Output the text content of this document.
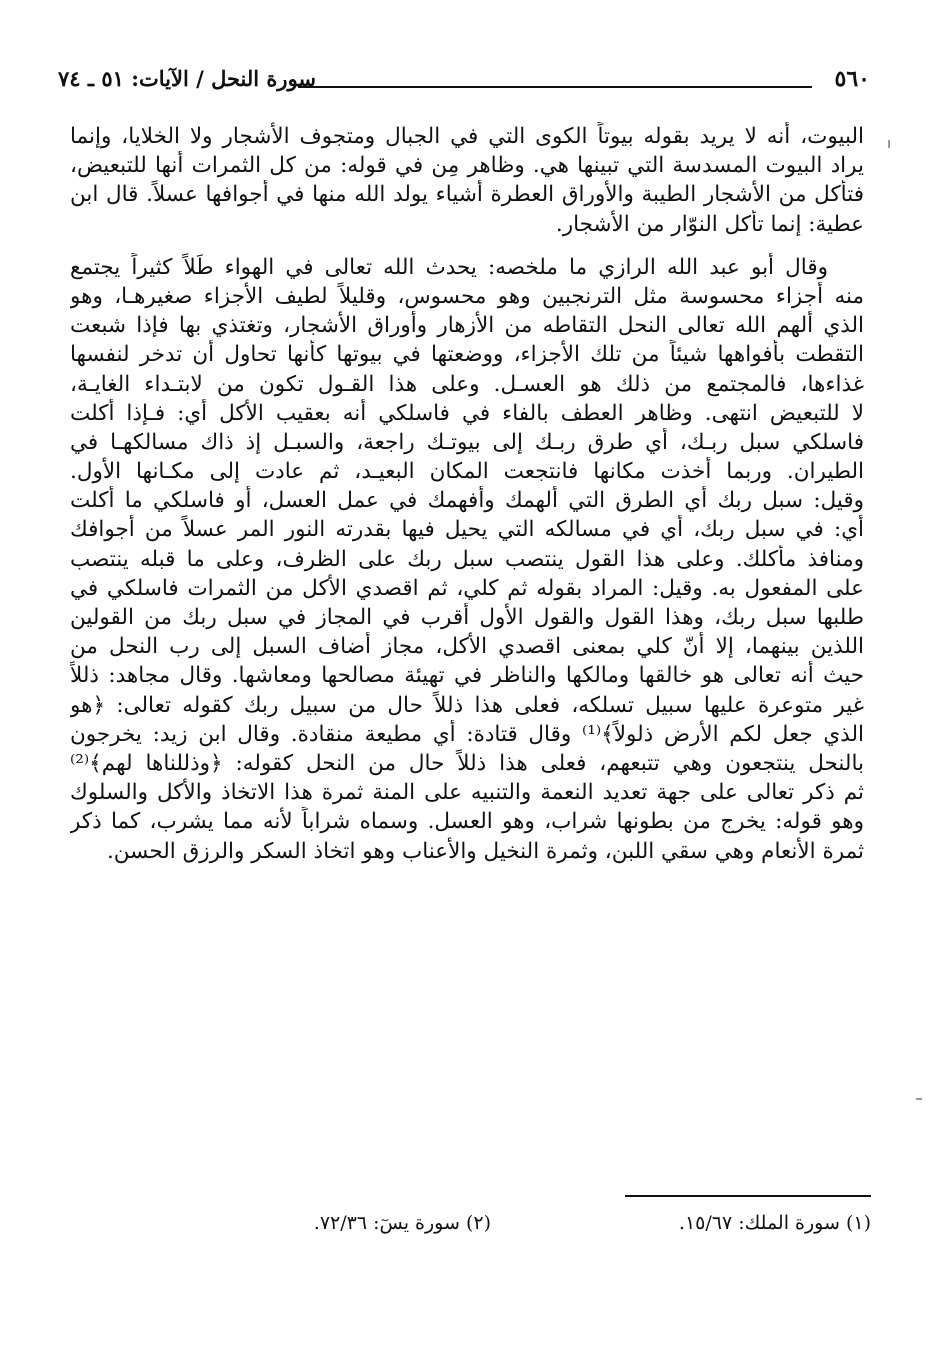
٥٦٠
سورة النحل / الآيات: ٥١ ـ ٧٤
البيوت، أنه لا يريد بقوله بيوتاً الكوى التي في الجبال ومتجوف الأشجار ولا الخلايا، وإنما
يراد البيوت المسدسة التي تبينها هي. وظاهر مِن في قوله: من كل الثمرات أنها للتبعيض،
فتأكل من الأشجار الطيبة والأوراق العطرة أشياء يولد الله منها في أجوافها عسلاً. قال ابن
عطية: إنما تأكل النوّار من الأشجار.
وقال أبو عبد الله الرازي ما ملخصه: يحدث الله تعالى في الهواء طَلاً كثيراً يجتمع
منه أجزاء محسوسة مثل الترنجبين وهو محسوس، وقليلاً لطيف الأجزاء صغيرهـا، وهو
الذي ألهم الله تعالى النحل التقاطه من الأزهار وأوراق الأشجار، وتغتذي بها فإذا شبعت
التقطت بأفواهها شيئاً من تلك الأجزاء، ووضعتها في بيوتها كأنها تحاول أن تدخر لنفسها
غذاءها، فالمجتمع من ذلك هو العسـل. وعلى هذا القـول تكون من لابتـداء الغايـة،
لا للتبعيض انتهى. وظاهر العطف بالفاء في فاسلكي أنه بعقيب الأكل أي: فـإذا أكلت
فاسلكي سبل ربـك، أي طرق ربـك إلى بيوتـك راجعة، والسبـل إذ ذاك مسالكهـا في
الطيران. وربما أخذت مكانها فانتجعت المكان البعيـد، ثم عادت إلى مكـانها الأول.
وقيل: سبل ربك أي الطرق التي ألهمك وأفهمك في عمل العسل، أو فاسلكي ما أكلت
أي: في سبل ربك، أي في مسالكه التي يحيل فيها بقدرته النور المر عسلاً من أجوافك
ومنافذ مأكلك. وعلى هذا القول ينتصب سبل ربك على الظرف، وعلى ما قبله ينتصب
على المفعول به. وقيل: المراد بقوله ثم كلي، ثم اقصدي الأكل من الثمرات فاسلكي في
طلبها سبل ربك، وهذا القول والقول الأول أقرب في المجاز في سبل ربك من القولين
اللذين بينهما، إلا أنّ كلي بمعنى اقصدي الأكل، مجاز أضاف السبل إلى رب النحل من
حيث أنه تعالى هو خالقها ومالكها والناظر في تهيئة مصالحها ومعاشها. وقال مجاهد: ذللاً
غير متوعرة عليها سبيل تسلكه، فعلى هذا ذللاً حال من سبيل ربك كقوله تعالى: ﴿هو
الذي جعل لكم الأرض ذلولاً﴾⁽¹⁾ وقال قتادة: أي مطيعة منقادة. وقال ابن زيد: يخرجون
بالنحل ينتجعون وهي تتبعهم، فعلى هذا ذللاً حال من النحل كقوله: ﴿وذللناها لهم﴾⁽²⁾
ثم ذكر تعالى على جهة تعديد النعمة والتنبيه على المنة ثمرة هذا الاتخاذ والأكل والسلوك
وهو قوله: يخرج من بطونها شراب، وهو العسل. وسماه شراباً لأنه مما يشرب، كما ذكر
ثمرة الأنعام وهي سقي اللبن، وثمرة النخيل والأعناب وهو اتخاذ السكر والرزق الحسن.
(١) سورة الملك: ١٥/٦٧.
(٢) سورة يسٓ: ٧٢/٣٦.
